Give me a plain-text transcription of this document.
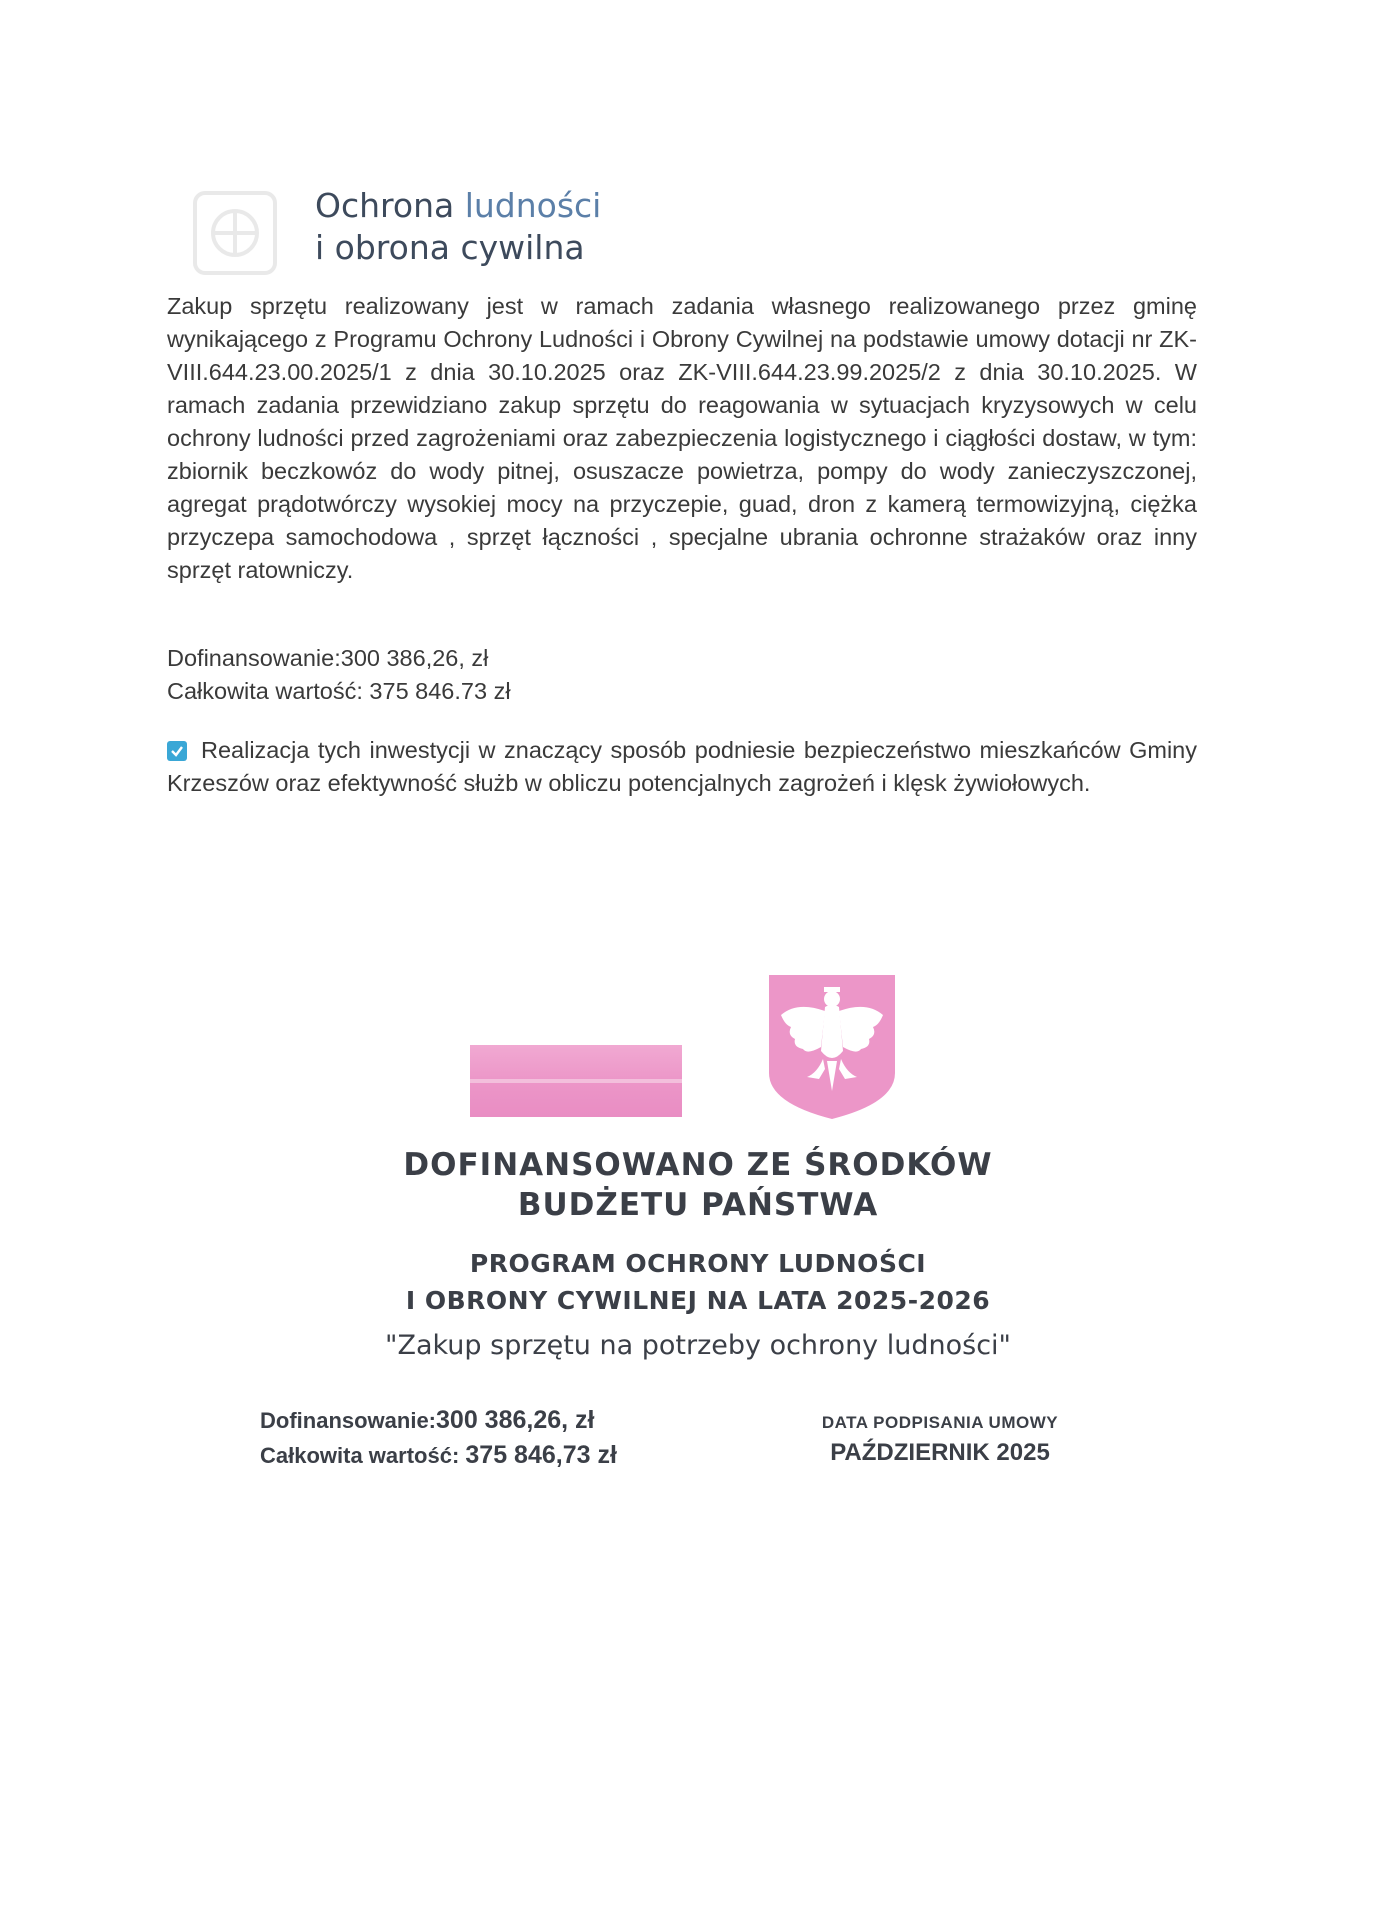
Ochrona ludności
i obrona cywilna
Zakup sprzętu realizowany jest w ramach zadania własnego realizowanego przez gminę wynikającego z Programu Ochrony Ludności i Obrony Cywilnej na podstawie umowy dotacji nr ZK-VIII.644.23.00.2025/1 z dnia 30.10.2025 oraz ZK-VIII.644.23.99.2025/2 z dnia 30.10.2025. W ramach zadania przewidziano zakup sprzętu do reagowania w sytuacjach kryzysowych w celu ochrony ludności przed zagrożeniami oraz zabezpieczenia logistycznego i ciągłości dostaw, w tym: zbiornik beczkowóz do wody pitnej, osuszacze powietrza, pompy do wody zanieczyszczonej, agregat prądotwórczy wysokiej mocy na przyczepie, guad, dron z kamerą termowizyjną, ciężka przyczepa samochodowa , sprzęt łączności , specjalne ubrania ochronne strażaków oraz inny sprzęt ratowniczy.
Dofinansowanie:300 386,26, zł
Całkowita wartość: 375 846.73 zł
Realizacja tych inwestycji w znaczący sposób podniesie bezpieczeństwo mieszkańców Gminy Krzeszów oraz efektywność służb w obliczu potencjalnych zagrożeń i klęsk żywiołowych.
DOFINANSOWANO ZE ŚRODKÓW
BUDŻETU PAŃSTWA
PROGRAM OCHRONY LUDNOŚCI
I OBRONY CYWILNEJ NA LATA 2025-2026
"Zakup sprzętu na potrzeby ochrony ludności"
Dofinansowanie:300 386,26, zł
Całkowita wartość: 375 846,73 zł
DATA PODPISANIA UMOWY
PAŹDZIERNIK 2025
